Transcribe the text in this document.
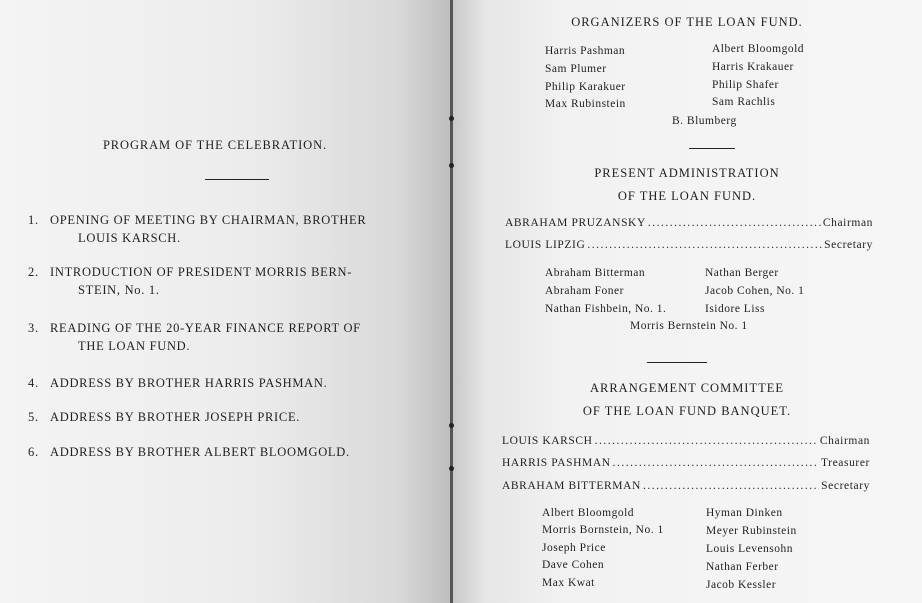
PROGRAM OF THE CELEBRATION.
1. OPENING OF MEETING BY CHAIRMAN, BROTHER
LOUIS KARSCH.
2. INTRODUCTION OF PRESIDENT MORRIS BERN-
STEIN, No. 1.
3. READING OF THE 20-YEAR FINANCE REPORT OF
THE LOAN FUND.
4. ADDRESS BY BROTHER HARRIS PASHMAN.
5. ADDRESS BY BROTHER JOSEPH PRICE.
6. ADDRESS BY BROTHER ALBERT BLOOMGOLD.
ORGANIZERS OF THE LOAN FUND.
Harris Pashman
Sam Plumer
Philip Karakuer
Max Rubinstein
Albert Bloomgold
Harris Krakauer
Philip Shafer
Sam Rachlis
B. Blumberg
PRESENT ADMINISTRATION
OF THE LOAN FUND.
ABRAHAM PRUZANSKY .....	Chairman
LOUIS LIPZIG .....	Secretary
Abraham Bitterman
Abraham Foner
Nathan Fishbein, No. 1.
Nathan Berger
Jacob Cohen, No. 1
Isidore Liss
Morris Bernstein No. 1
ARRANGEMENT COMMITTEE
OF THE LOAN FUND BANQUET.
LOUIS KARSCH .....	Chairman
HARRIS PASHMAN .....	Treasurer
ABRAHAM BITTERMAN .....	Secretary
Albert Bloomgold
Morris Bornstein, No. 1
Joseph Price
Dave Cohen
Max Kwat
Hyman Dinken
Meyer Rubinstein
Louis Levensohn
Nathan Ferber
Jacob Kessler
